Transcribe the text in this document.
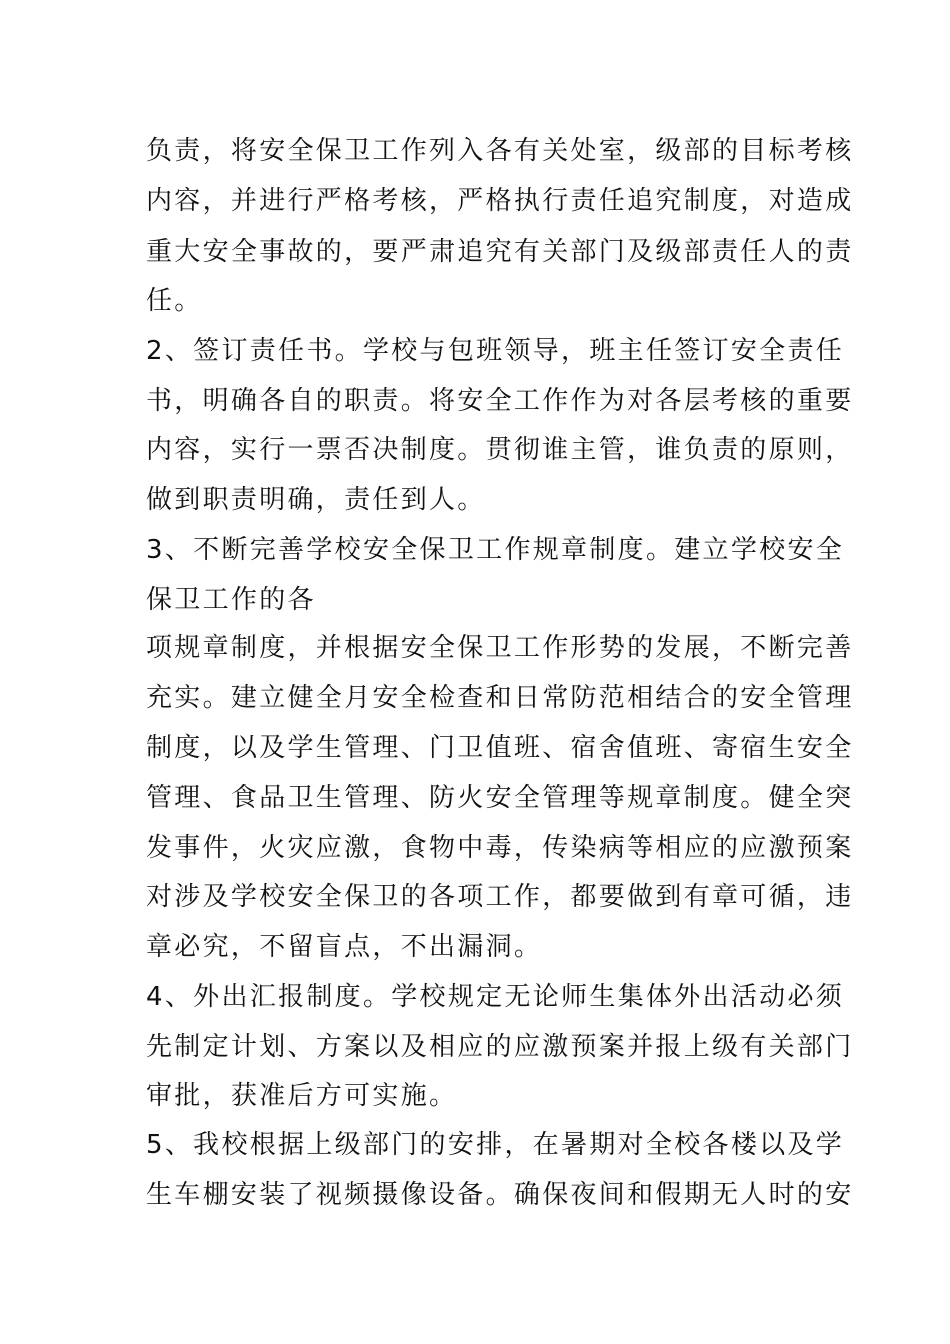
负责，将安全保卫工作列入各有关处室，级部的目标考核
内容，并进行严格考核，严格执行责任追究制度，对造成
重大安全事故的，要严肃追究有关部门及级部责任人的责
任。
2、签订责任书。学校与包班领导，班主任签订安全责任
书，明确各自的职责。将安全工作作为对各层考核的重要
内容，实行一票否决制度。贯彻谁主管，谁负责的原则，
做到职责明确，责任到人。
3、不断完善学校安全保卫工作规章制度。建立学校安全
保卫工作的各
项规章制度，并根据安全保卫工作形势的发展，不断完善
充实。建立健全月安全检查和日常防范相结合的安全管理
制度，以及学生管理、门卫值班、宿舍值班、寄宿生安全
管理、食品卫生管理、防火安全管理等规章制度。健全突
发事件，火灾应激，食物中毒，传染病等相应的应激预案
对涉及学校安全保卫的各项工作，都要做到有章可循，违
章必究，不留盲点，不出漏洞。
4、外出汇报制度。学校规定无论师生集体外出活动必须
先制定计划、方案以及相应的应激预案并报上级有关部门
审批，获准后方可实施。
5、我校根据上级部门的安排，在暑期对全校各楼以及学
生车棚安装了视频摄像设备。确保夜间和假期无人时的安
